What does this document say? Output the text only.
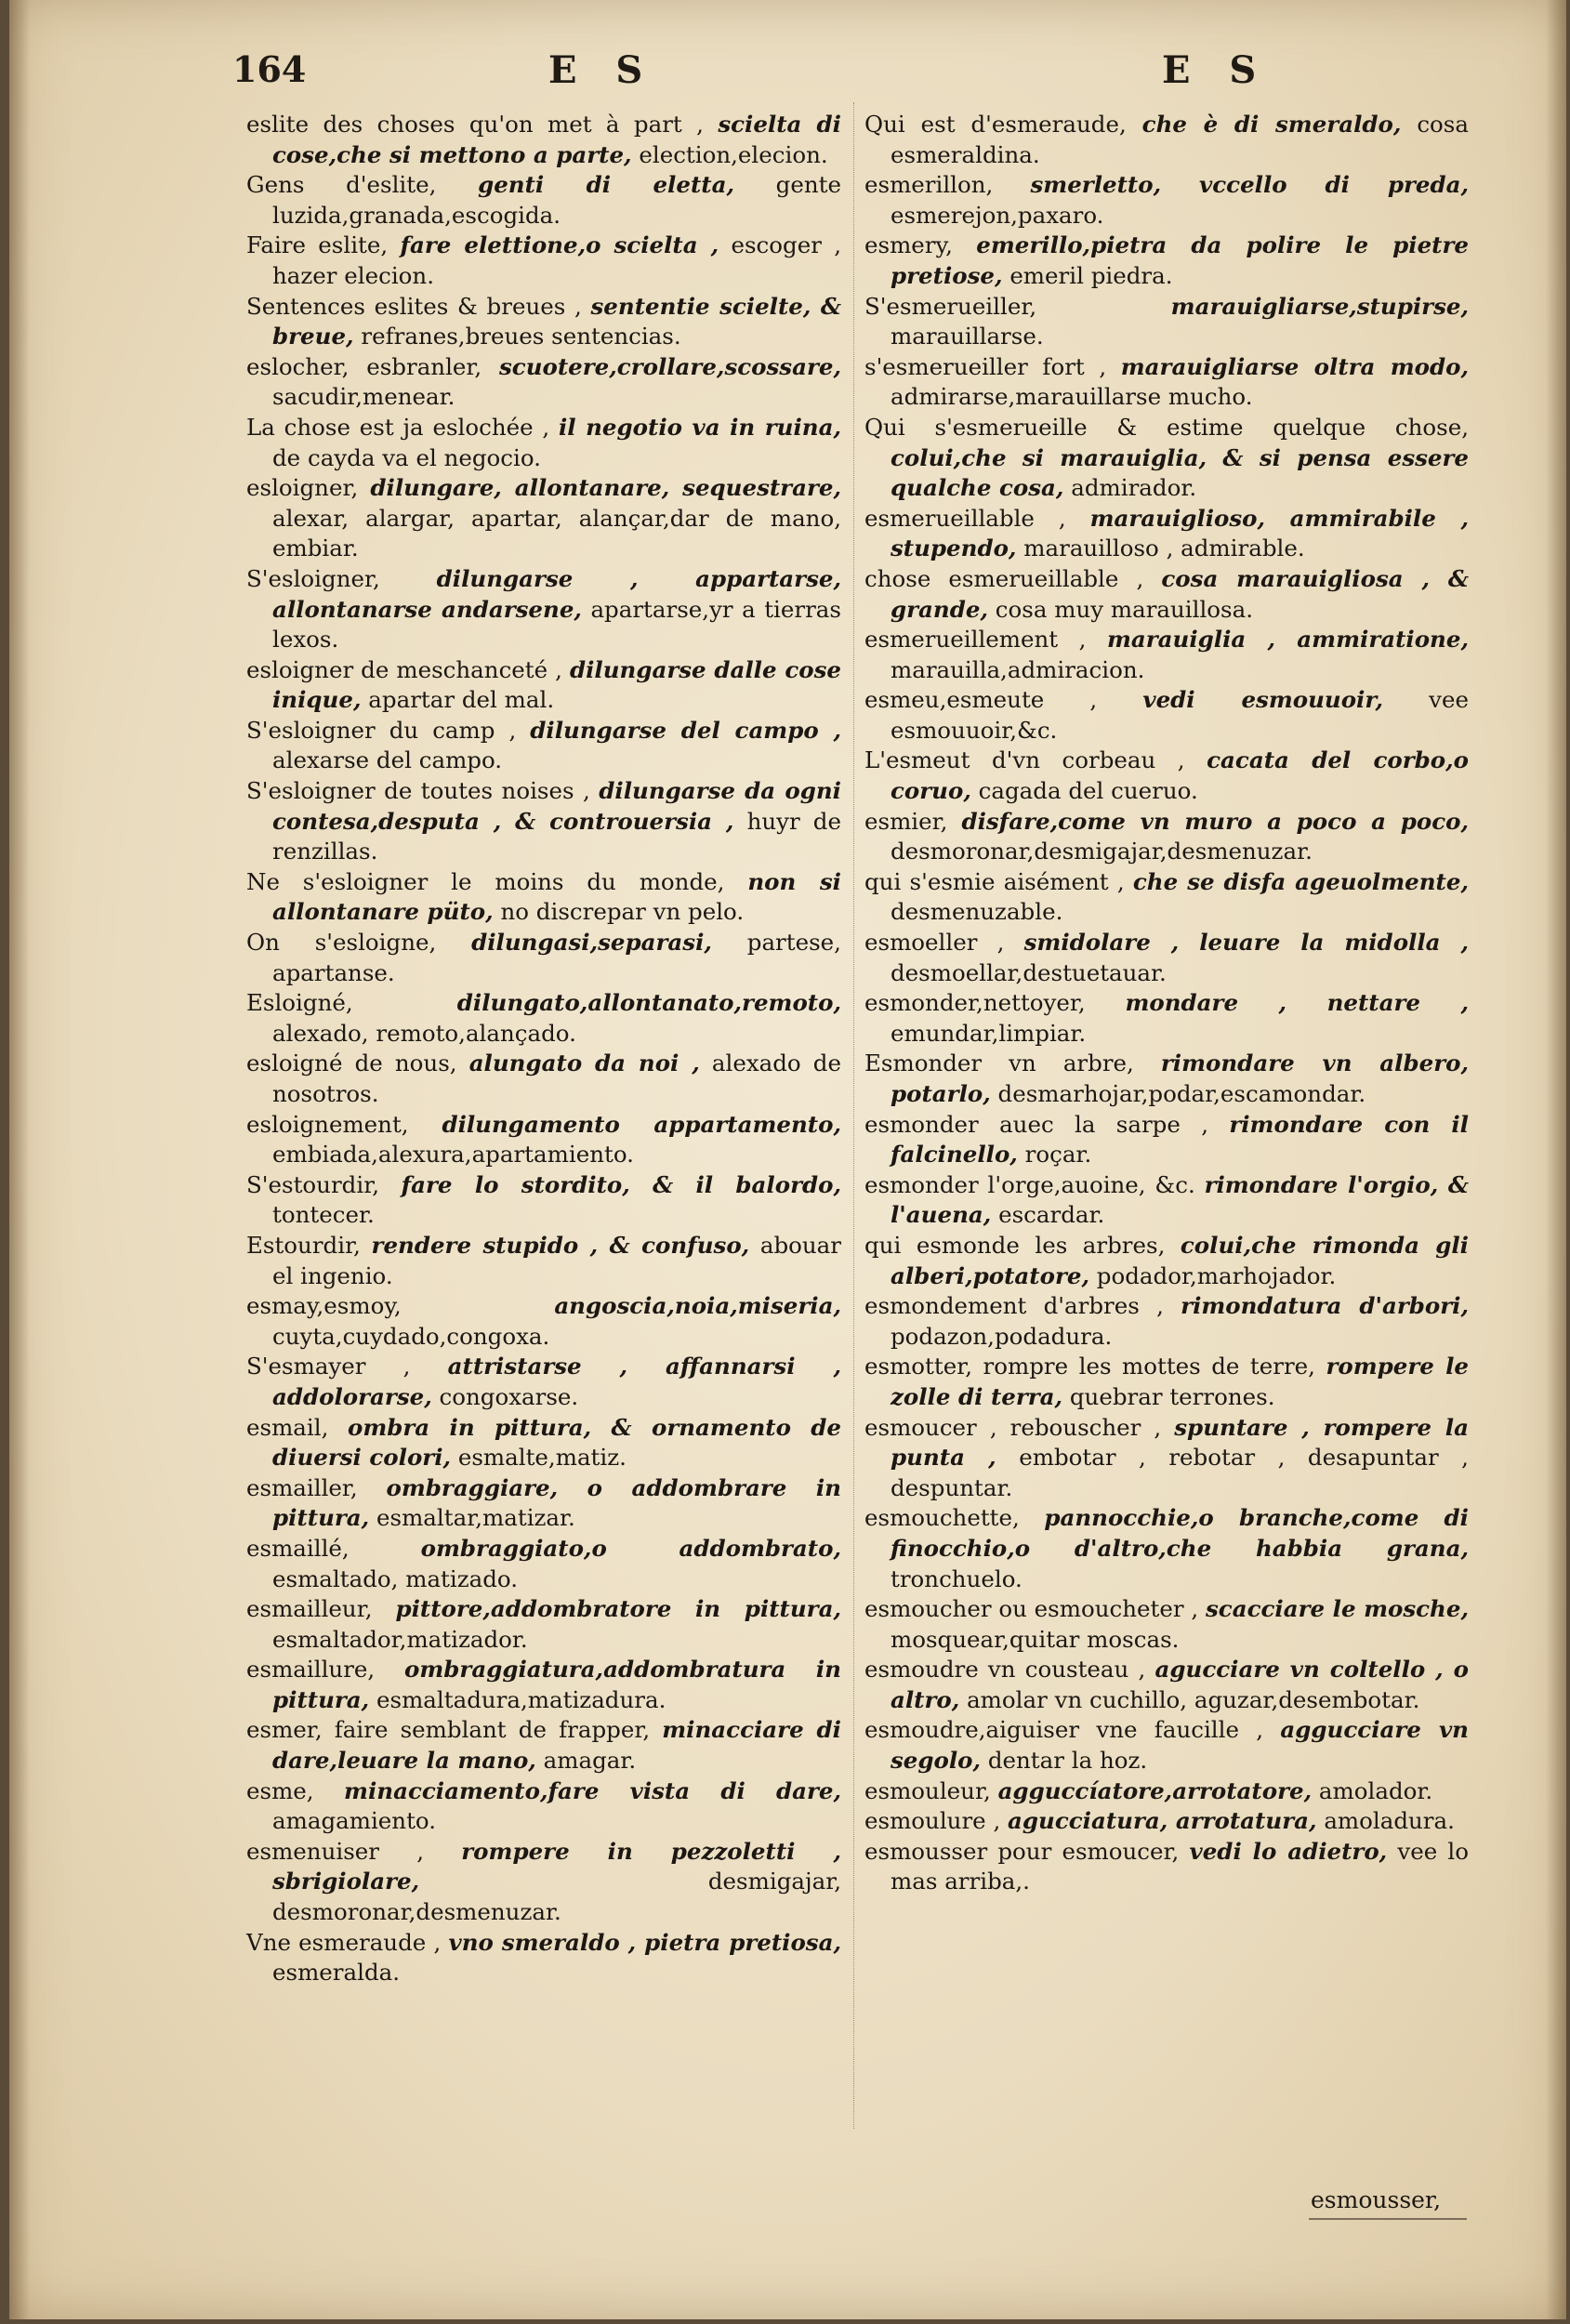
164	E S	E S

eslite des choses qu'on met à part , scielta di cose,che si mettono a parte, election,elecion.

Gens d'eslite, genti di eletta, gente luzida,granada,escogida.

Faire eslite, fare elettione,o scielta , escoger , hazer elecion.

Sentences eslites & breues , sententie scielte, & breue, refranes,breues sentencias.

eslocher, esbranler, scuotere,crollare,scossare, sacudir,menear.

La chose est ja eslochée , il negotio va in ruina, de cayda va el negocio.

esloigner, dilungare, allontanare, sequestrare, alexar, alargar, apartar, alançar,dar de mano, embiar.

S'esloigner, dilungarse , appartarse, allontanarse andarsene, apartarse,yr a tierras lexos.

esloigner de meschanceté , dilungarse dalle cose inique, apartar del mal.

S'esloigner du camp , dilungarse del campo , alexarse del campo.

S'esloigner de toutes noises , dilungarse da ogni contesa,desputa , & controuersia , huyr de renzillas.

Ne s'esloigner le moins du monde, non si allontanare püto, no discrepar vn pelo.

On s'esloigne, dilungasi,separasi, partese, apartanse.

Esloigné,	dilungato,allontanato,remoto, alexado, remoto,alançado.

esloigné de nous, alungato da noi , alexado de nosotros.

esloignement, dilungamento appartamento, embiada,alexura,apartamiento.

S'estourdir, fare lo stordito, & il balordo, tontecer.

Estourdir, rendere stupido , & confuso, abouar el ingenio.

esmay,esmoy,	angoscia,noia,miseria, cuyta,cuydado,congoxa.

S'esmayer , attristarse , affannarsi , addolorarse, congoxarse.

esmail, ombra in pittura, & ornamento de diuersi colori, esmalte,matiz.

esmailler, ombraggiare, o addombrare in pittura, esmaltar,matizar.

esmaillé,	ombraggiato,o addombrato, esmaltado, matizado.

esmailleur, pittore,addombratore in pittura, esmaltador,matizador.

esmaillure, ombraggiatura,addombratura in pittura, esmaltadura,matizadura.

esmer, faire semblant de frapper, minacciare di dare,leuare la mano, amagar.

esme, minacciamento,fare vista di dare, amagamiento.

esmenuiser , rompere in pezzoletti , sbrigiolare,	desmigajar, desmoronar,desmenuzar.

Vne esmeraude , vno smeraldo , pietra pretiosa, esmeralda.

Qui est d'esmeraude, che è di smeraldo, cosa esmeraldina.

esmerillon, smerletto, vccello di preda, esmerejon,paxaro.

esmery, emerillo,pietra da polire le pietre pretiose, emeril piedra.

S'esmerueiller,	marauigliarse,stupirse, marauillarse.

s'esmerueiller fort , marauigliarse oltra modo, admirarse,marauillarse mucho.

Qui s'esmerueille & estime quelque chose, colui,che si marauiglia, & si pensa essere qualche cosa, admirador.

esmerueillable , marauiglioso, ammirabile , stupendo, marauilloso , admirable.

chose esmerueillable , cosa marauigliosa , & grande, cosa muy marauillosa.

esmerueillement , marauiglia , ammiratione, marauilla,admiracion.

esmeu,esmeute , vedi esmouuoir, vee esmouuoir,&c.

L'esmeut d'vn corbeau , cacata del corbo,o coruo, cagada del cueruo.

esmier, disfare,come vn muro a poco a poco, desmoronar,desmigajar,desmenuzar.

qui s'esmie aisément , che se disfa ageuolmente, desmenuzable.

esmoeller , smidolare , leuare la midolla , desmoellar,destuetauar.

esmonder,nettoyer, mondare , nettare , emundar,limpiar.

Esmonder vn arbre, rimondare vn albero, potarlo, desmarhojar,podar,escamondar.

esmonder auec la sarpe , rimondare con il falcinello, roçar.

esmonder l'orge,auoine, &c. rimondare l'orgio, & l'auena, escardar.

qui esmonde les arbres, colui,che rimonda gli alberi,potatore, podador,marhojador.

esmondement d'arbres , rimondatura d'arbori, podazon,podadura.

esmotter, rompre les mottes de terre, rompere le zolle di terra, quebrar terrones.

esmoucer , rebouscher , spuntare , rompere la punta , embotar , rebotar , desapuntar , despuntar.

esmouchette, pannocchie,o branche,come di finocchio,o d'altro,che habbia grana, tronchuelo.

esmoucher ou esmoucheter , scacciare le mosche, mosquear,quitar moscas.

esmoudre vn cousteau , agucciare vn coltello , o altro, amolar vn cuchillo, aguzar,desembotar.

esmoudre,aiguiser vne faucille , aggucciare vn segolo, dentar la hoz.

esmouleur, agguccíatore,arrotatore, amolador.

esmoulure , agucciatura, arrotatura, amoladura.

esmousser pour esmoucer, vedi lo adietro, vee lo mas arriba,.

esmousser,
